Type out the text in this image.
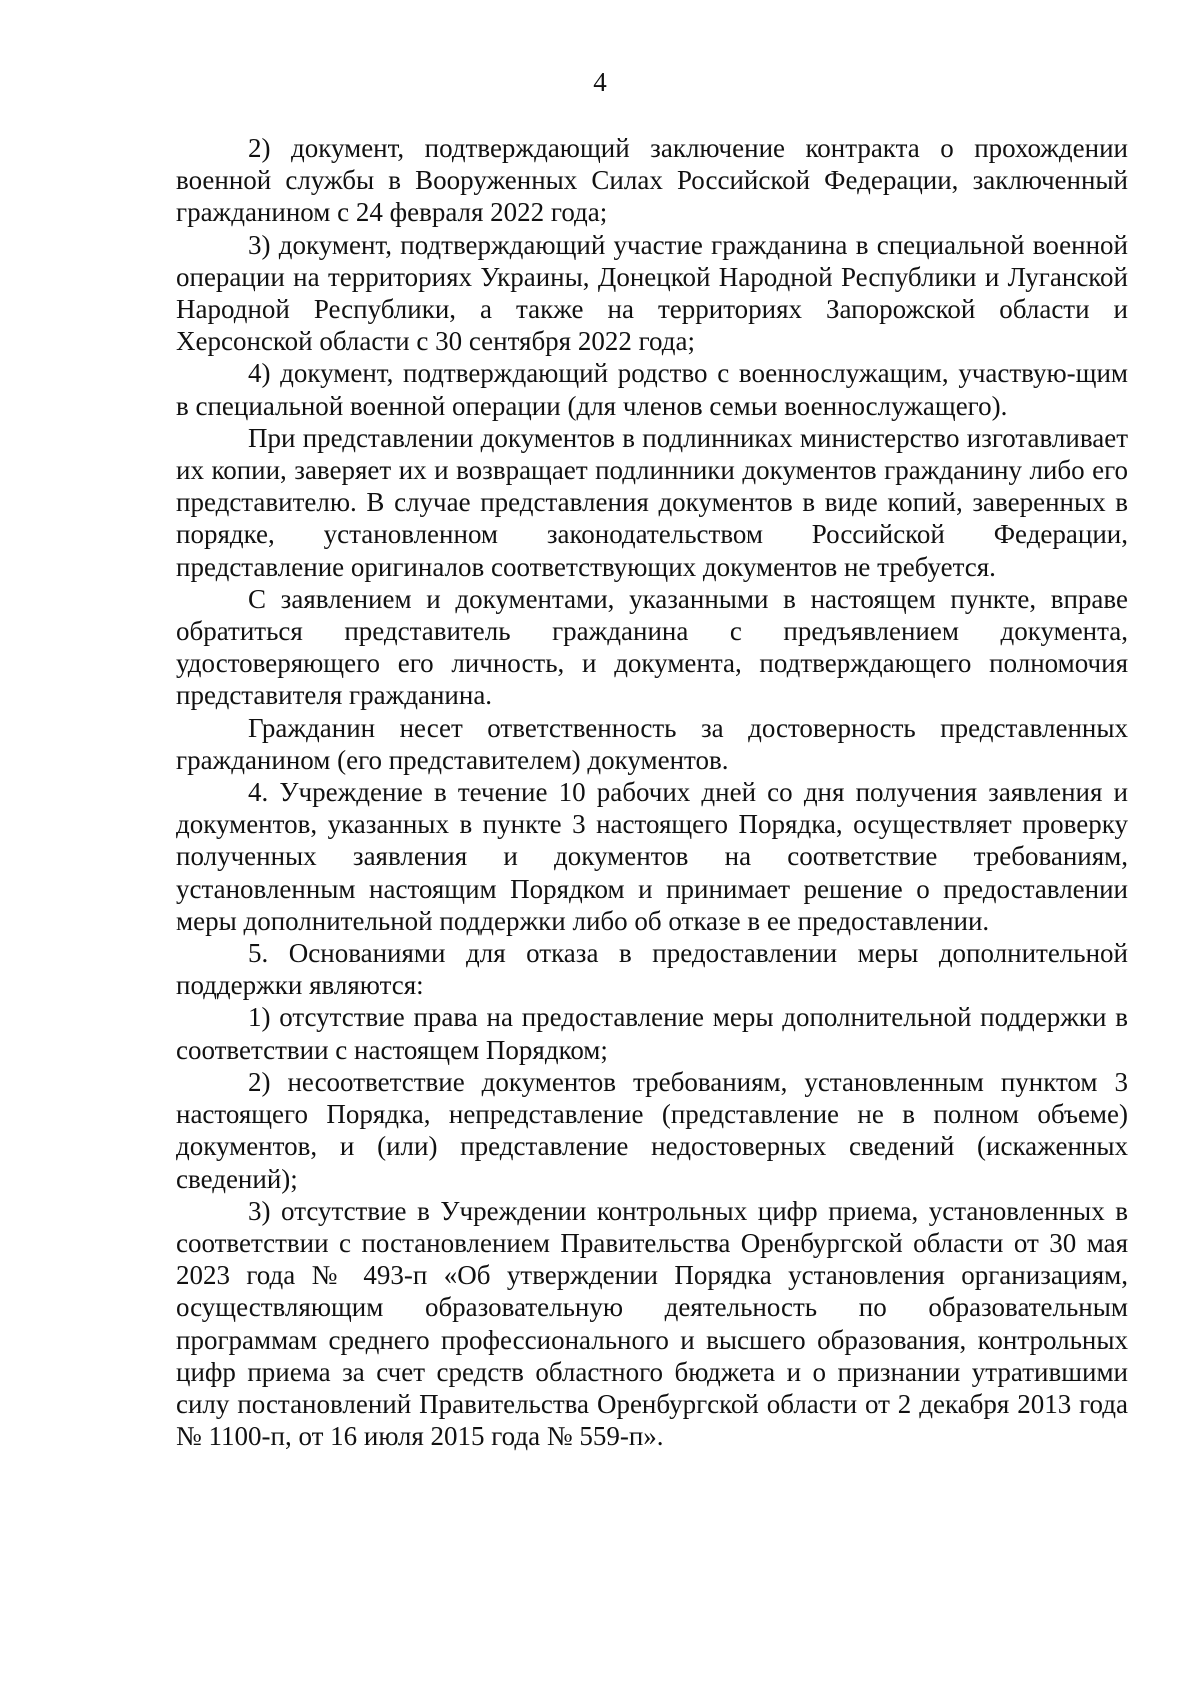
4

2) документ, подтверждающий заключение контракта о прохождении военной службы в Вооруженных Силах Российской Федерации, заключенный гражданином с 24 февраля 2022 года;

3) документ, подтверждающий участие гражданина в специальной военной операции на территориях Украины, Донецкой Народной Республики и Луганской Народной Республики, а также на территориях Запорожской области и Херсонской области с 30 сентября 2022 года;

4) документ, подтверждающий родство с военнослужащим, участвую-щим в специальной военной операции (для членов семьи военнослужащего).

При представлении документов в подлинниках министерство изготавливает их копии, заверяет их и возвращает подлинники документов гражданину либо его представителю. В случае представления документов в виде копий, заверенных в порядке, установленном законодательством Российской Федерации, представление оригиналов соответствующих документов не требуется.

С заявлением и документами, указанными в настоящем пункте, вправе обратиться представитель гражданина с предъявлением документа, удостоверяющего его личность, и документа, подтверждающего полномочия представителя гражданина.

Гражданин несет ответственность за достоверность представленных гражданином (его представителем) документов.

4. Учреждение в течение 10 рабочих дней со дня получения заявления и документов, указанных в пункте 3 настоящего Порядка, осуществляет проверку полученных заявления и документов на соответствие требованиям, установленным настоящим Порядком и принимает решение о предоставлении меры дополнительной поддержки либо об отказе в ее предоставлении.

5. Основаниями для отказа в предоставлении меры дополнительной поддержки являются:

1) отсутствие права на предоставление меры дополнительной поддержки в соответствии с настоящем Порядком;

2) несоответствие документов требованиям, установленным пунктом 3 настоящего Порядка, непредставление (представление не в полном объеме) документов, и (или) представление недостоверных сведений (искаженных сведений);

3) отсутствие в Учреждении контрольных цифр приема, установленных в соответствии с постановлением Правительства Оренбургской области от 30 мая 2023 года № 493-п «Об утверждении Порядка установления организациям, осуществляющим образовательную деятельность по образовательным программам среднего профессионального и высшего образования, контрольных цифр приема за счет средств областного бюджета и о признании утратившими силу постановлений Правительства Оренбургской области от 2 декабря 2013 года № 1100-п, от 16 июля 2015 года № 559-п».
